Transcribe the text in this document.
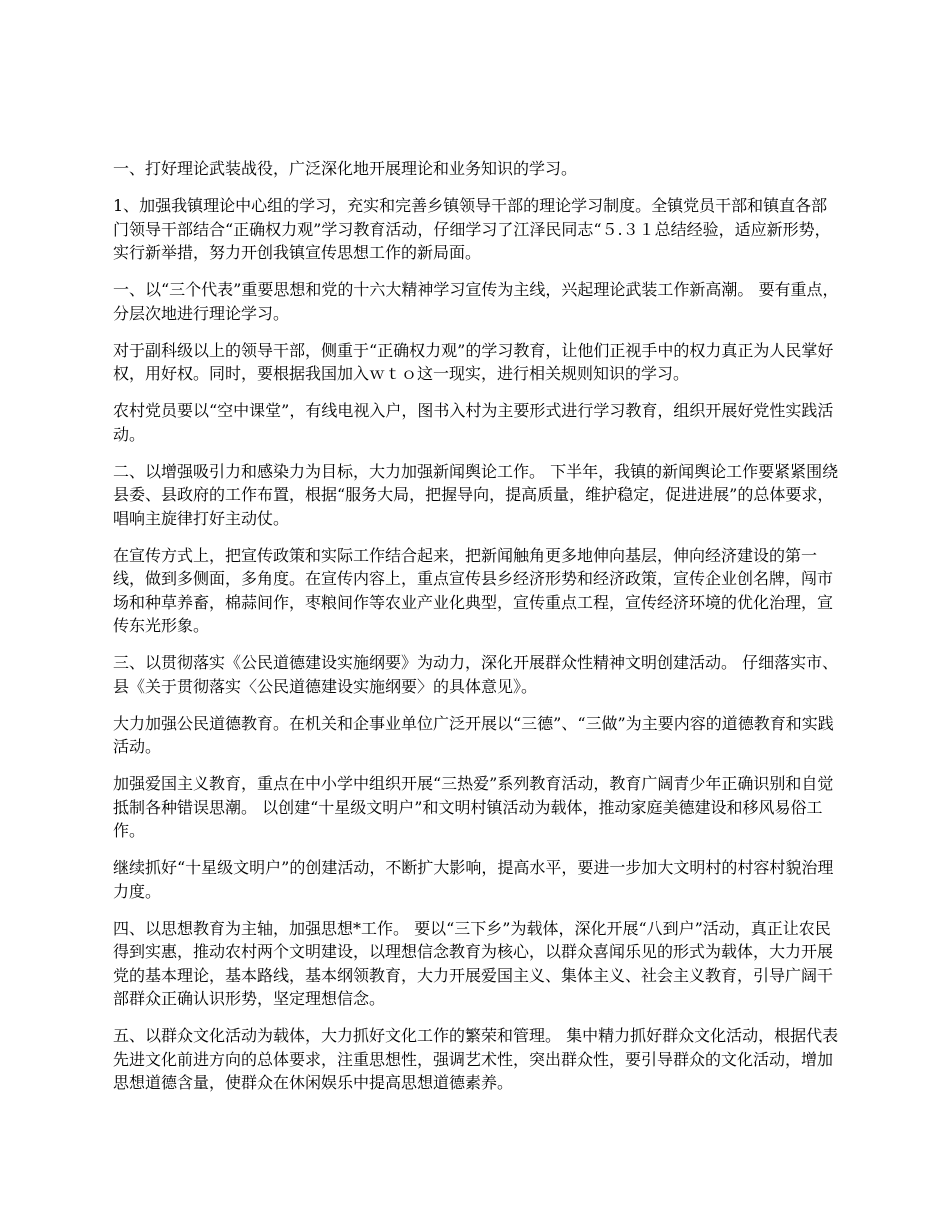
一、打好理论武装战役，广泛深化地开展理论和业务知识的学习。

1、加强我镇理论中心组的学习，充实和完善乡镇领导干部的理论学习制度。全镇党员干部和镇直各部门领导干部结合“正确权力观”学习教育活动，仔细学习了江泽民同志“５.３１总结经验，适应新形势，实行新举措，努力开创我镇宣传思想工作的新局面。

一、以“三个代表”重要思想和党的十六大精神学习宣传为主线，兴起理论武装工作新高潮。 要有重点，分层次地进行理论学习。

对于副科级以上的领导干部，侧重于“正确权力观”的学习教育，让他们正视手中的权力真正为人民掌好权，用好权。同时，要根据我国加入ｗｔｏ这一现实，进行相关规则知识的学习。

农村党员要以“空中课堂”，有线电视入户，图书入村为主要形式进行学习教育，组织开展好党性实践活动。

二、以增强吸引力和感染力为目标，大力加强新闻舆论工作。 下半年，我镇的新闻舆论工作要紧紧围绕县委、县政府的工作布置，根据“服务大局，把握导向，提高质量，维护稳定，促进进展”的总体要求，唱响主旋律打好主动仗。

在宣传方式上，把宣传政策和实际工作结合起来，把新闻触角更多地伸向基层，伸向经济建设的第一线，做到多侧面，多角度。在宣传内容上，重点宣传县乡经济形势和经济政策，宣传企业创名牌，闯市场和种草养畜，棉蒜间作，枣粮间作等农业产业化典型，宣传重点工程，宣传经济环境的优化治理，宣传东光形象。

三、以贯彻落实《公民道德建设实施纲要》为动力，深化开展群众性精神文明创建活动。 仔细落实市、县《关于贯彻落实〈公民道德建设实施纲要〉的具体意见》。

大力加强公民道德教育。在机关和企事业单位广泛开展以“三德”、“三做”为主要内容的道德教育和实践活动。

加强爱国主义教育，重点在中小学中组织开展“三热爱”系列教育活动，教育广阔青少年正确识别和自觉抵制各种错误思潮。 以创建“十星级文明户”和文明村镇活动为载体，推动家庭美德建设和移风易俗工作。

继续抓好“十星级文明户”的创建活动，不断扩大影响，提高水平，要进一步加大文明村的村容村貌治理力度。

四、以思想教育为主轴，加强思想*工作。 要以“三下乡”为载体，深化开展“八到户”活动，真正让农民得到实惠，推动农村两个文明建设，以理想信念教育为核心，以群众喜闻乐见的形式为载体，大力开展党的基本理论，基本路线，基本纲领教育，大力开展爱国主义、集体主义、社会主义教育，引导广阔干部群众正确认识形势，坚定理想信念。

五、以群众文化活动为载体，大力抓好文化工作的繁荣和管理。 集中精力抓好群众文化活动，根据代表先进文化前进方向的总体要求，注重思想性，强调艺术性，突出群众性，要引导群众的文化活动，增加思想道德含量，使群众在休闲娱乐中提高思想道德素养。
